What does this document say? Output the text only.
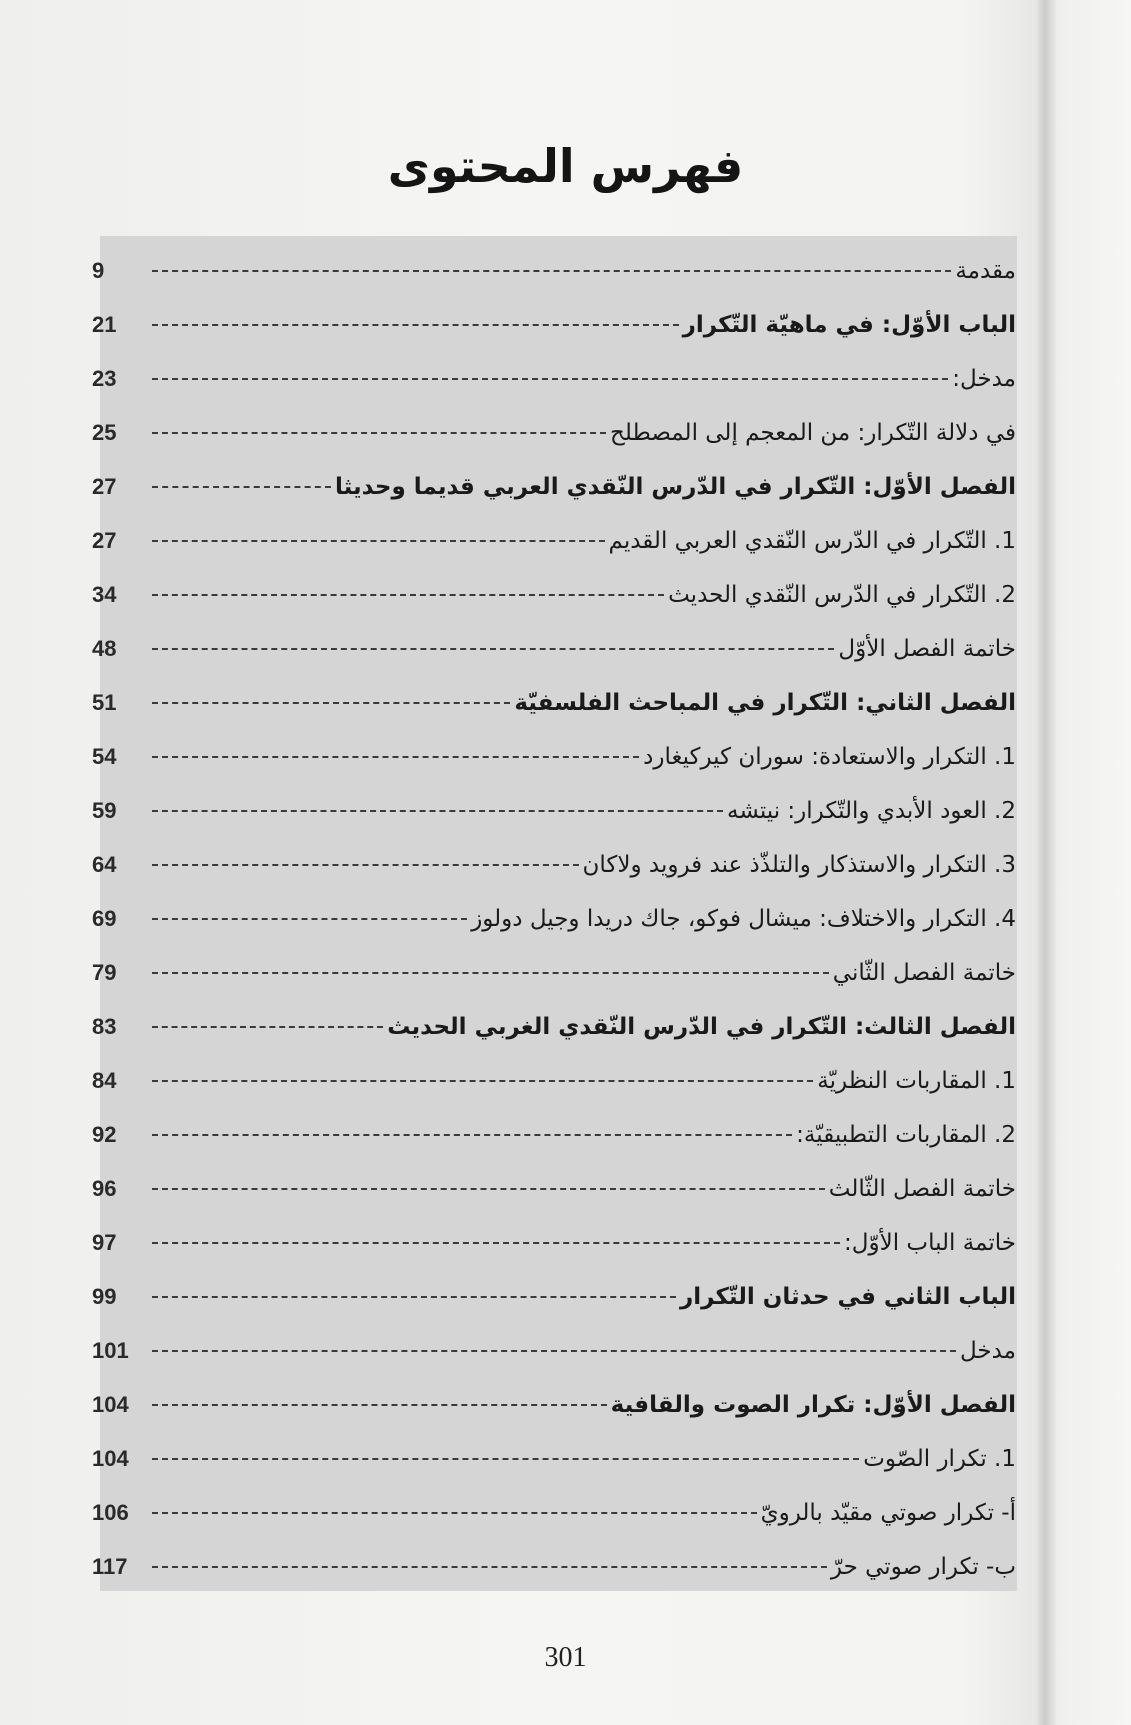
فهرس المحتوى
9	مقدمة
21	الباب الأوّل: في ماهيّة التّكرار
23	مدخل:
25	في دلالة التّكرار: من المعجم إلى المصطلح
27	الفصل الأوّل: التّكرار في الدّرس النّقدي العربي قديما وحديثا
27	1. التّكرار في الدّرس النّقدي العربي القديم
34	2. التّكرار في الدّرس النّقدي الحديث
48	خاتمة الفصل الأوّل
51	الفصل الثاني: التّكرار في المباحث الفلسفيّة
54	1. التكرار والاستعادة: سوران كيركيغارد
59	2. العود الأبدي والتّكرار: نيتشه
64	3. التكرار والاستذكار والتلذّذ عند فرويد ولاكان
69	4. التكرار والاختلاف: ميشال فوكو، جاك دريدا وجيل دولوز
79	خاتمة الفصل الثّاني
83	الفصل الثالث: التّكرار في الدّرس النّقدي الغربي الحديث
84	1. المقاربات النظريّة
92	2. المقاربات التطبيقيّة:
96	خاتمة الفصل الثّالث
97	خاتمة الباب الأوّل:
99	الباب الثاني في حدثان التّكرار
101	مدخل
104	الفصل الأوّل: تكرار الصوت والقافية
104	1. تكرار الصّوت
106	أ- تكرار صوتي مقيّد بالرويّ
117	ب- تكرار صوتي حرّ
301
